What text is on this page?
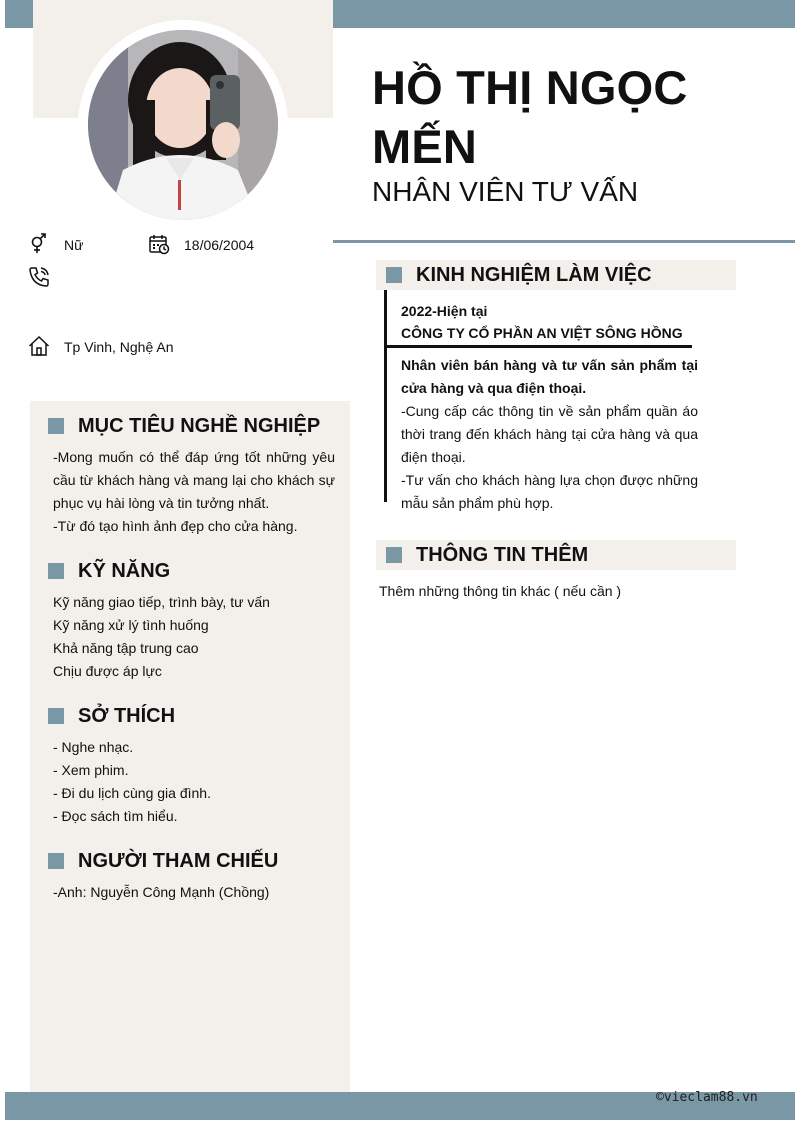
HỒ THỊ NGỌC MẾN
NHÂN VIÊN TƯ VẤN
Nữ	18/06/2004
Tp Vinh, Nghệ An
MỤC TIÊU NGHỀ NGHIỆP
-Mong muốn có thể đáp ứng tốt những yêu cầu từ khách hàng và mang lại cho khách sự phục vụ hài lòng và tin tưởng nhất.
-Từ đó tạo hình ảnh đẹp cho cửa hàng.
KỸ NĂNG
Kỹ năng giao tiếp, trình bày, tư vấn
Kỹ năng xử lý tình huống
Khả năng tập trung cao
Chịu được áp lực
SỞ THÍCH
- Nghe nhạc.
- Xem phim.
- Đi du lịch cùng gia đình.
- Đọc sách tìm hiểu.
NGƯỜI THAM CHIẾU
-Anh: Nguyễn Công Mạnh (Chồng)
KINH NGHIỆM LÀM VIỆC
2022-Hiện tại
CÔNG TY CỔ PHẦN AN VIỆT SÔNG HỒNG
Nhân viên bán hàng và tư vấn sản phẩm tại cửa hàng và qua điện thoại.
-Cung cấp các thông tin về sản phẩm quần áo thời trang đến khách hàng tại cửa hàng và qua điện thoại.
-Tư vấn cho khách hàng lựa chọn được những mẫu sản phẩm phù hợp.
THÔNG TIN THÊM
Thêm những thông tin khác ( nếu cần )
©vieclam88.vn
